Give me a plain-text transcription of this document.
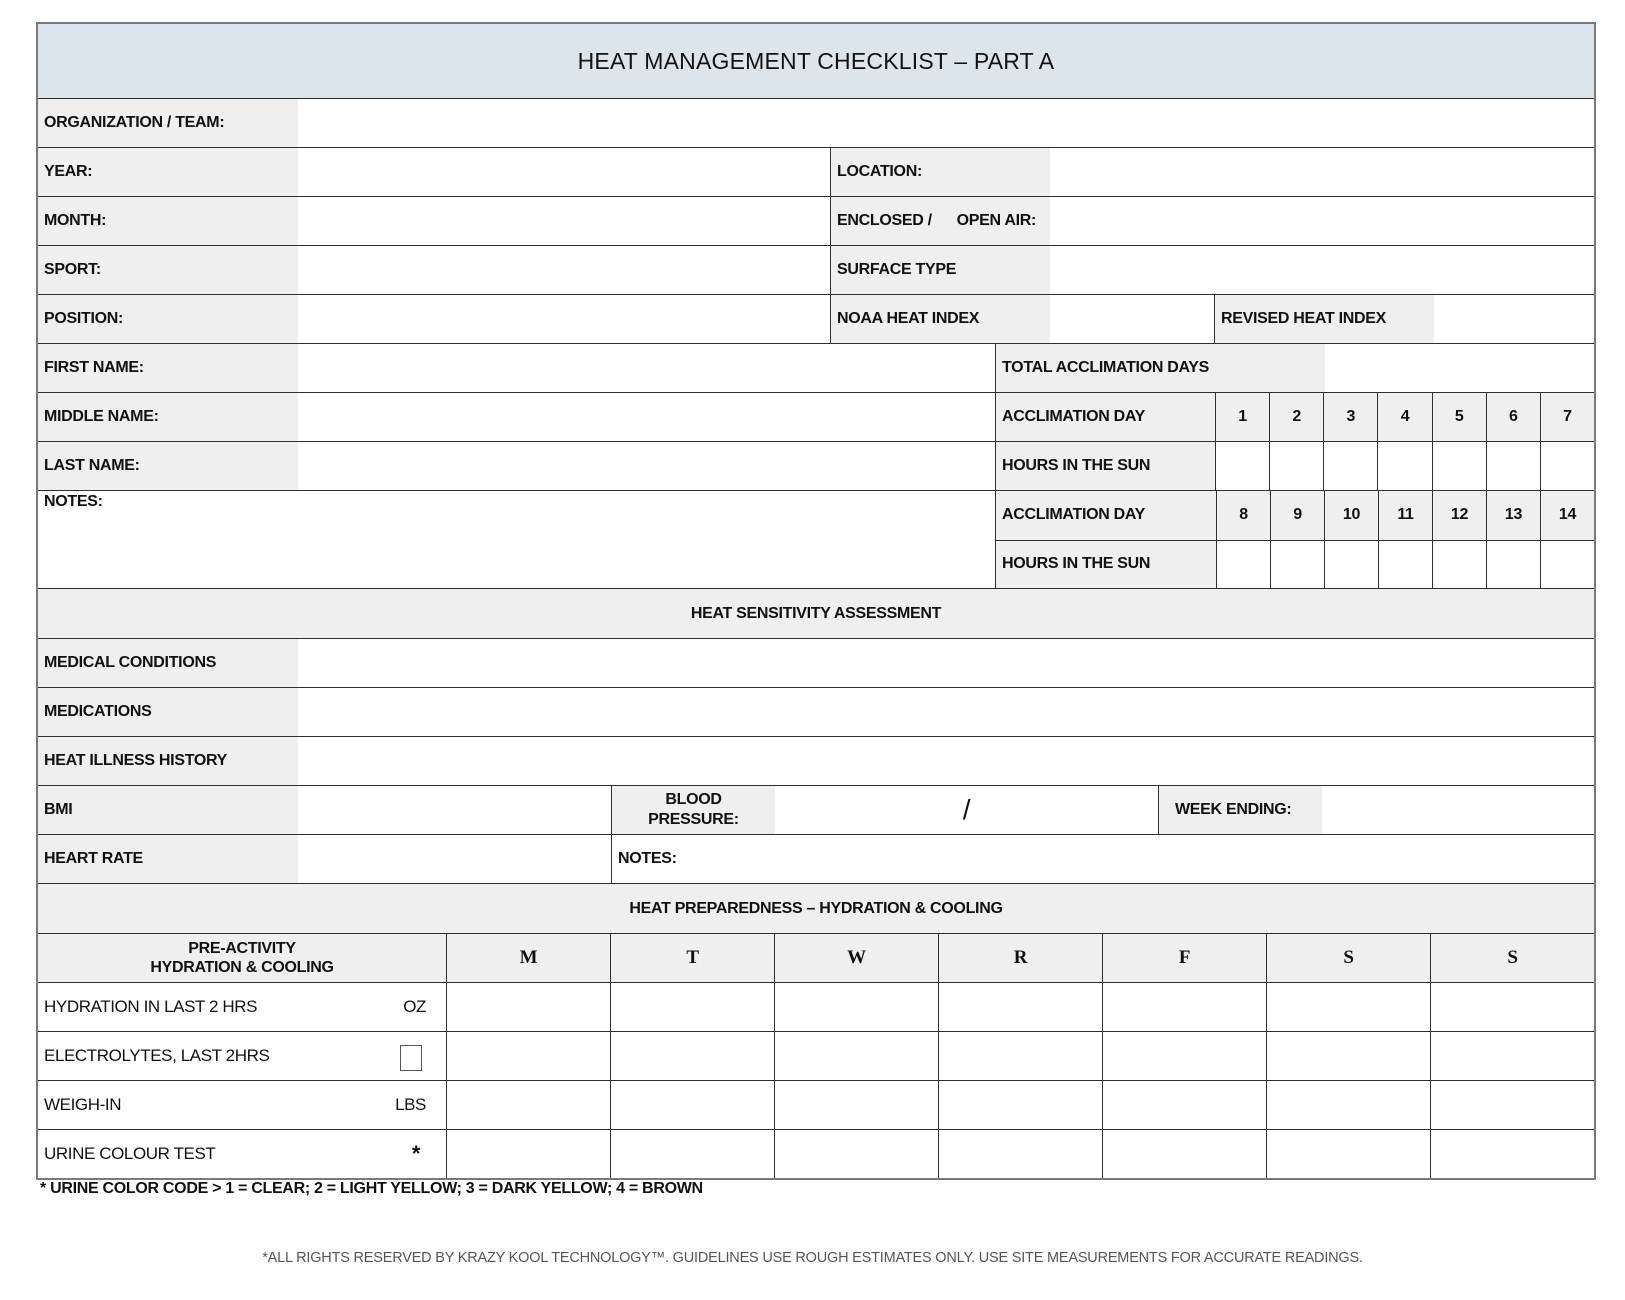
HEAT MANAGEMENT CHECKLIST – PART A
ORGANIZATION / TEAM:
YEAR:	LOCATION:
MONTH:	ENCLOSED /      OPEN AIR:
SPORT:	SURFACE TYPE
POSITION:	NOAA HEAT INDEX	REVISED HEAT INDEX
FIRST NAME:	TOTAL ACCLIMATION DAYS
MIDDLE NAME:	ACCLIMATION DAY	1	2	3	4	5	6	7
LAST NAME:	HOURS IN THE SUN
NOTES:
ACCLIMATION DAY	8	9	10	11	12	13	14
HOURS IN THE SUN
HEAT SENSITIVITY ASSESSMENT
MEDICAL CONDITIONS
MEDICATIONS
HEAT ILLNESS HISTORY
BMI
BLOOD PRESSURE:	/	WEEK ENDING:
HEART RATE	NOTES:
HEAT PREPAREDNESS – HYDRATION & COOLING
PRE-ACTIVITY
HYDRATION & COOLING	M	T	W	R	F	S	S
HYDRATION IN LAST 2 HRS	OZ
ELECTROLYTES, LAST 2HRS
WEIGH-IN	LBS
URINE COLOUR TEST	*
* URINE COLOR CODE > 1 = CLEAR; 2 = LIGHT YELLOW; 3 = DARK YELLOW; 4 = BROWN
*ALL RIGHTS RESERVED BY KRAZY KOOL TECHNOLOGY™. GUIDELINES USE ROUGH ESTIMATES ONLY. USE SITE MEASUREMENTS FOR ACCURATE READINGS.
